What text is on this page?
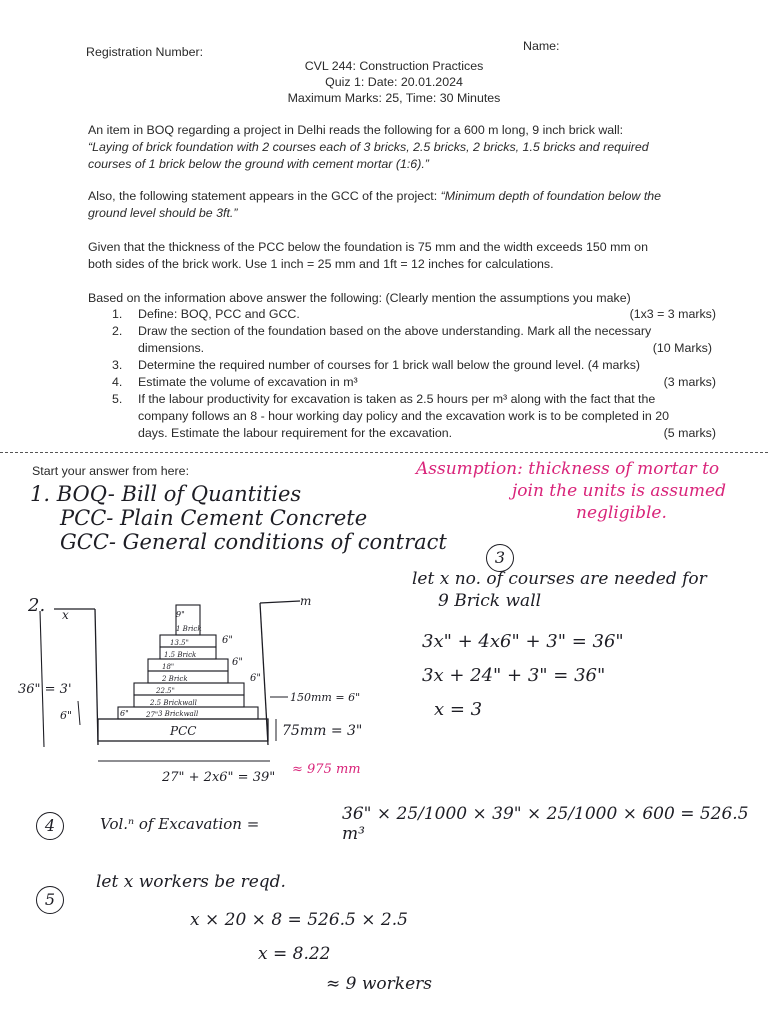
Registration Number:	Name:
CVL 244: Construction Practices
Quiz 1: Date: 20.01.2024
Maximum Marks: 25, Time: 30 Minutes
An item in BOQ regarding a project in Delhi reads the following for a 600 m long, 9 inch brick wall:
“Laying of brick foundation with 2 courses each of 3 bricks, 2.5 bricks, 2 bricks, 1.5 bricks and required
courses of 1 brick below the ground with cement mortar (1:6).”
Also, the following statement appears in the GCC of the project: “Minimum depth of foundation below the
ground level should be 3ft.”
Given that the thickness of the PCC below the foundation is 75 mm and the width exceeds 150 mm on
both sides of the brick work. Use 1 inch = 25 mm and 1ft = 12 inches for calculations.
Based on the information above answer the following: (Clearly mention the assumptions you make)
1. Define: BOQ, PCC and GCC.	(1x3 = 3 marks)
2. Draw the section of the foundation based on the above understanding. Mark all the necessary
dimensions.	(10 Marks)
3. Determine the required number of courses for 1 brick wall below the ground level. (4 marks)
4. Estimate the volume of excavation in m³	(3 marks)
5. If the labour productivity for excavation is taken as 2.5 hours per m³ along with the fact that the
company follows an 8 - hour working day policy and the excavation work is to be completed in 20
days. Estimate the labour requirement for the excavation.	(5 marks)
Start your answer from here:	Assumption: thickness of mortar to
join the units is assumed
negligible.
1. BOQ- Bill of Quantities
PCC- Plain Cement Concrete
GCC- General conditions of contract
3
let x no. of courses are needed for
9 Brick wall
3x" + 4x6" + 3" = 36"
3x + 24" + 3" = 36"
x = 3
2. x
m
PCC
9"
1 Brick
13.5"
1.5 Brick
18"
2 Brick
22.5"
2.5 Brickwall
27" 3 Brickwall
6"
6"
6"
6"
150mm = 6"
75mm = 3"
36" = 3'
6"
27" + 2x6" = 39"
≈ 975 mm
4	Vol.ⁿ of Excavation =	36" × 25/1000 × 39" × 25/1000 × 600 = 526.5 m³
5
let x workers be reqd.
x × 20 × 8 = 526.5 × 2.5
x = 8.22
≈ 9 workers
